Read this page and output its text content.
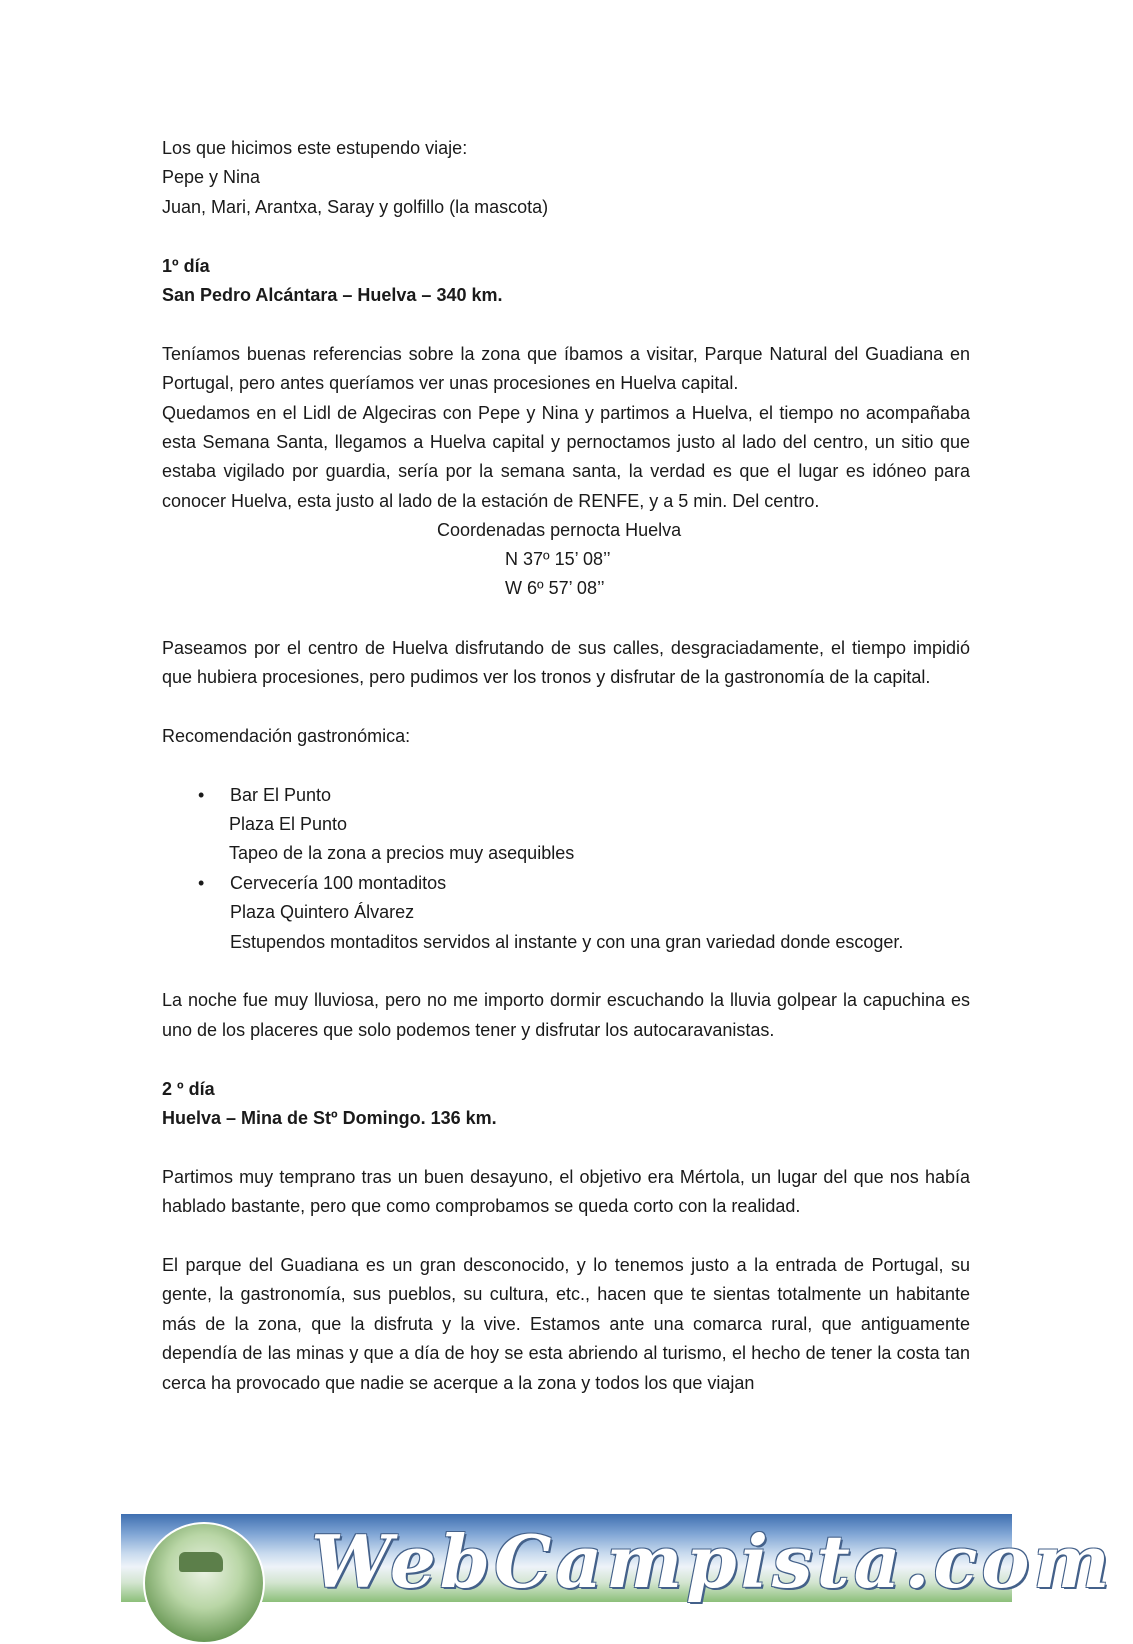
Los que hicimos este estupendo viaje:

Pepe y Nina

Juan, Mari, Arantxa, Saray y golfillo (la mascota)

1º día

San Pedro Alcántara – Huelva – 340 km.

Teníamos buenas referencias sobre la zona que íbamos a visitar, Parque Natural del Guadiana en Portugal, pero antes queríamos ver unas procesiones en Huelva capital.

Quedamos en el Lidl de Algeciras con Pepe y Nina y partimos a Huelva, el tiempo no acompañaba esta Semana Santa, llegamos a Huelva capital y pernoctamos justo al lado del centro, un sitio que estaba vigilado por guardia, sería por la semana santa, la verdad es que el lugar es idóneo para conocer Huelva, esta justo al lado de la estación de RENFE, y a 5 min. Del centro.

Coordenadas pernocta Huelva
N 37º 15’ 08’’
W 6º 57’ 08’’

Paseamos por el centro de Huelva disfrutando de sus calles, desgraciadamente, el tiempo impidió que hubiera procesiones, pero pudimos ver los tronos y disfrutar de la gastronomía de la capital.

Recomendación gastronómica:

• Bar El Punto
Plaza El Punto
Tapeo de la zona a precios muy asequibles
• Cervecería 100 montaditos
Plaza Quintero Álvarez
Estupendos montaditos servidos al instante y con una gran variedad donde escoger.

La noche fue muy lluviosa, pero no me importo dormir escuchando la lluvia golpear la capuchina es uno de los placeres que solo podemos tener y disfrutar los autocaravanistas.

2 º día

Huelva – Mina de Stº Domingo. 136 km.

Partimos muy temprano tras un buen desayuno, el objetivo era Mértola, un lugar del que nos había hablado bastante, pero que como comprobamos se queda corto con la realidad.

El parque del Guadiana es un gran desconocido, y lo tenemos justo a la entrada de Portugal, su gente, la gastronomía, sus pueblos, su cultura, etc., hacen que te sientas totalmente un habitante más de la zona, que la disfruta y la vive. Estamos ante una comarca rural, que antiguamente dependía de las minas y que a día de hoy se esta abriendo al turismo, el hecho de tener la costa tan cerca ha provocado que nadie se acerque a la zona y todos los que viajan

WebCampista.com
